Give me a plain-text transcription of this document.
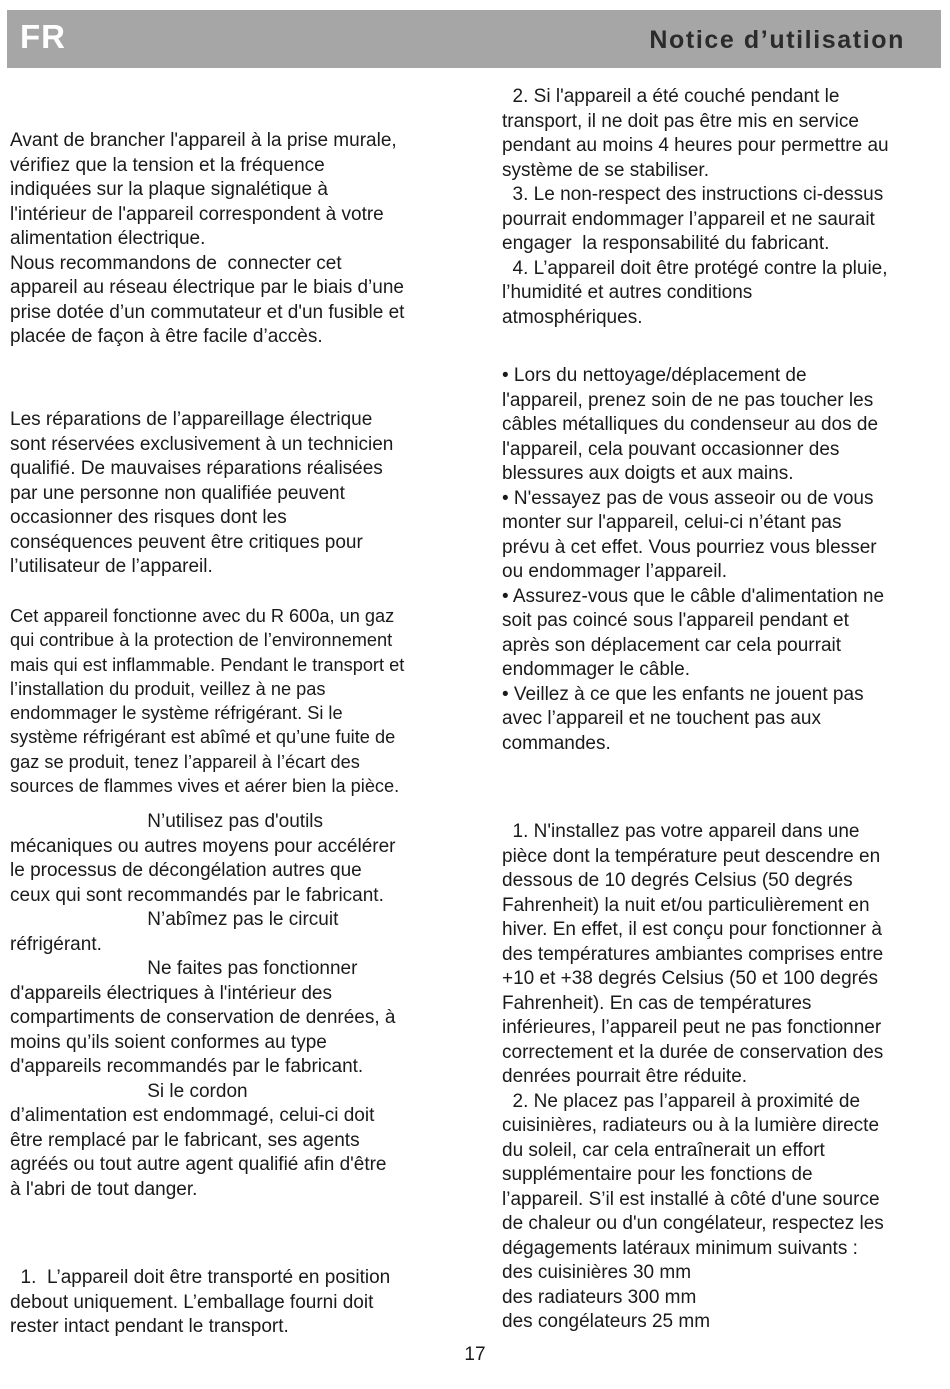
FR	Notice d’utilisation

Avant de brancher l'appareil à la prise murale,
vérifiez que la tension et la fréquence
indiquées sur la plaque signalétique à
l'intérieur de l'appareil correspondent à votre
alimentation électrique.
Nous recommandons de  connecter cet
appareil au réseau électrique par le biais d’une
prise dotée d’un commutateur et d'un fusible et
placée de façon à être facile d’accès.

Les réparations de l’appareillage électrique
sont réservées exclusivement à un technicien
qualifié. De mauvaises réparations réalisées
par une personne non qualifiée peuvent
occasionner des risques dont les
conséquences peuvent être critiques pour
l’utilisateur de l’appareil.

Cet appareil fonctionne avec du R 600a, un gaz
qui contribue à la protection de l’environnement
mais qui est inflammable. Pendant le transport et
l’installation du produit, veillez à ne pas
endommager le système réfrigérant. Si le
système réfrigérant est abîmé et qu’une fuite de
gaz se produit, tenez l’appareil à l’écart des
sources de flammes vives et aérer bien la pièce.

N’utilisez pas d'outils
mécaniques ou autres moyens pour accélérer
le processus de décongélation autres que
ceux qui sont recommandés par le fabricant.
N’abîmez pas le circuit
réfrigérant.
Ne faites pas fonctionner
d'appareils électriques à l'intérieur des
compartiments de conservation de denrées, à
moins qu’ils soient conformes au type
d'appareils recommandés par le fabricant.
Si le cordon
d’alimentation est endommagé, celui-ci doit
être remplacé par le fabricant, ses agents
agréés ou tout autre agent qualifié afin d'être
à l'abri de tout danger.

1.  L’appareil doit être transporté en position
debout uniquement. L’emballage fourni doit
rester intact pendant le transport.

2. Si l'appareil a été couché pendant le
transport, il ne doit pas être mis en service
pendant au moins 4 heures pour permettre au
système de se stabiliser.
3. Le non-respect des instructions ci-dessus
pourrait endommager l’appareil et ne saurait
engager  la responsabilité du fabricant.
4. L’appareil doit être protégé contre la pluie,
l’humidité et autres conditions
atmosphériques.

• Lors du nettoyage/déplacement de
l'appareil, prenez soin de ne pas toucher les
câbles métalliques du condenseur au dos de
l'appareil, cela pouvant occasionner des
blessures aux doigts et aux mains.
• N'essayez pas de vous asseoir ou de vous
monter sur l'appareil, celui-ci n’étant pas
prévu à cet effet. Vous pourriez vous blesser
ou endommager l’appareil.
• Assurez-vous que le câble d'alimentation ne
soit pas coincé sous l'appareil pendant et
après son déplacement car cela pourrait
endommager le câble.
• Veillez à ce que les enfants ne jouent pas
avec l’appareil et ne touchent pas aux
commandes.

1. N'installez pas votre appareil dans une
pièce dont la température peut descendre en
dessous de 10 degrés Celsius (50 degrés
Fahrenheit) la nuit et/ou particulièrement en
hiver. En effet, il est conçu pour fonctionner à
des températures ambiantes comprises entre
+10 et +38 degrés Celsius (50 et 100 degrés
Fahrenheit). En cas de températures
inférieures, l’appareil peut ne pas fonctionner
correctement et la durée de conservation des
denrées pourrait être réduite.
2. Ne placez pas l’appareil à proximité de
cuisinières, radiateurs ou à la lumière directe
du soleil, car cela entraînerait un effort
supplémentaire pour les fonctions de
l’appareil. S’il est installé à côté d'une source
de chaleur ou d'un congélateur, respectez les
dégagements latéraux minimum suivants :
des cuisinières 30 mm
des radiateurs 300 mm
des congélateurs 25 mm

17
